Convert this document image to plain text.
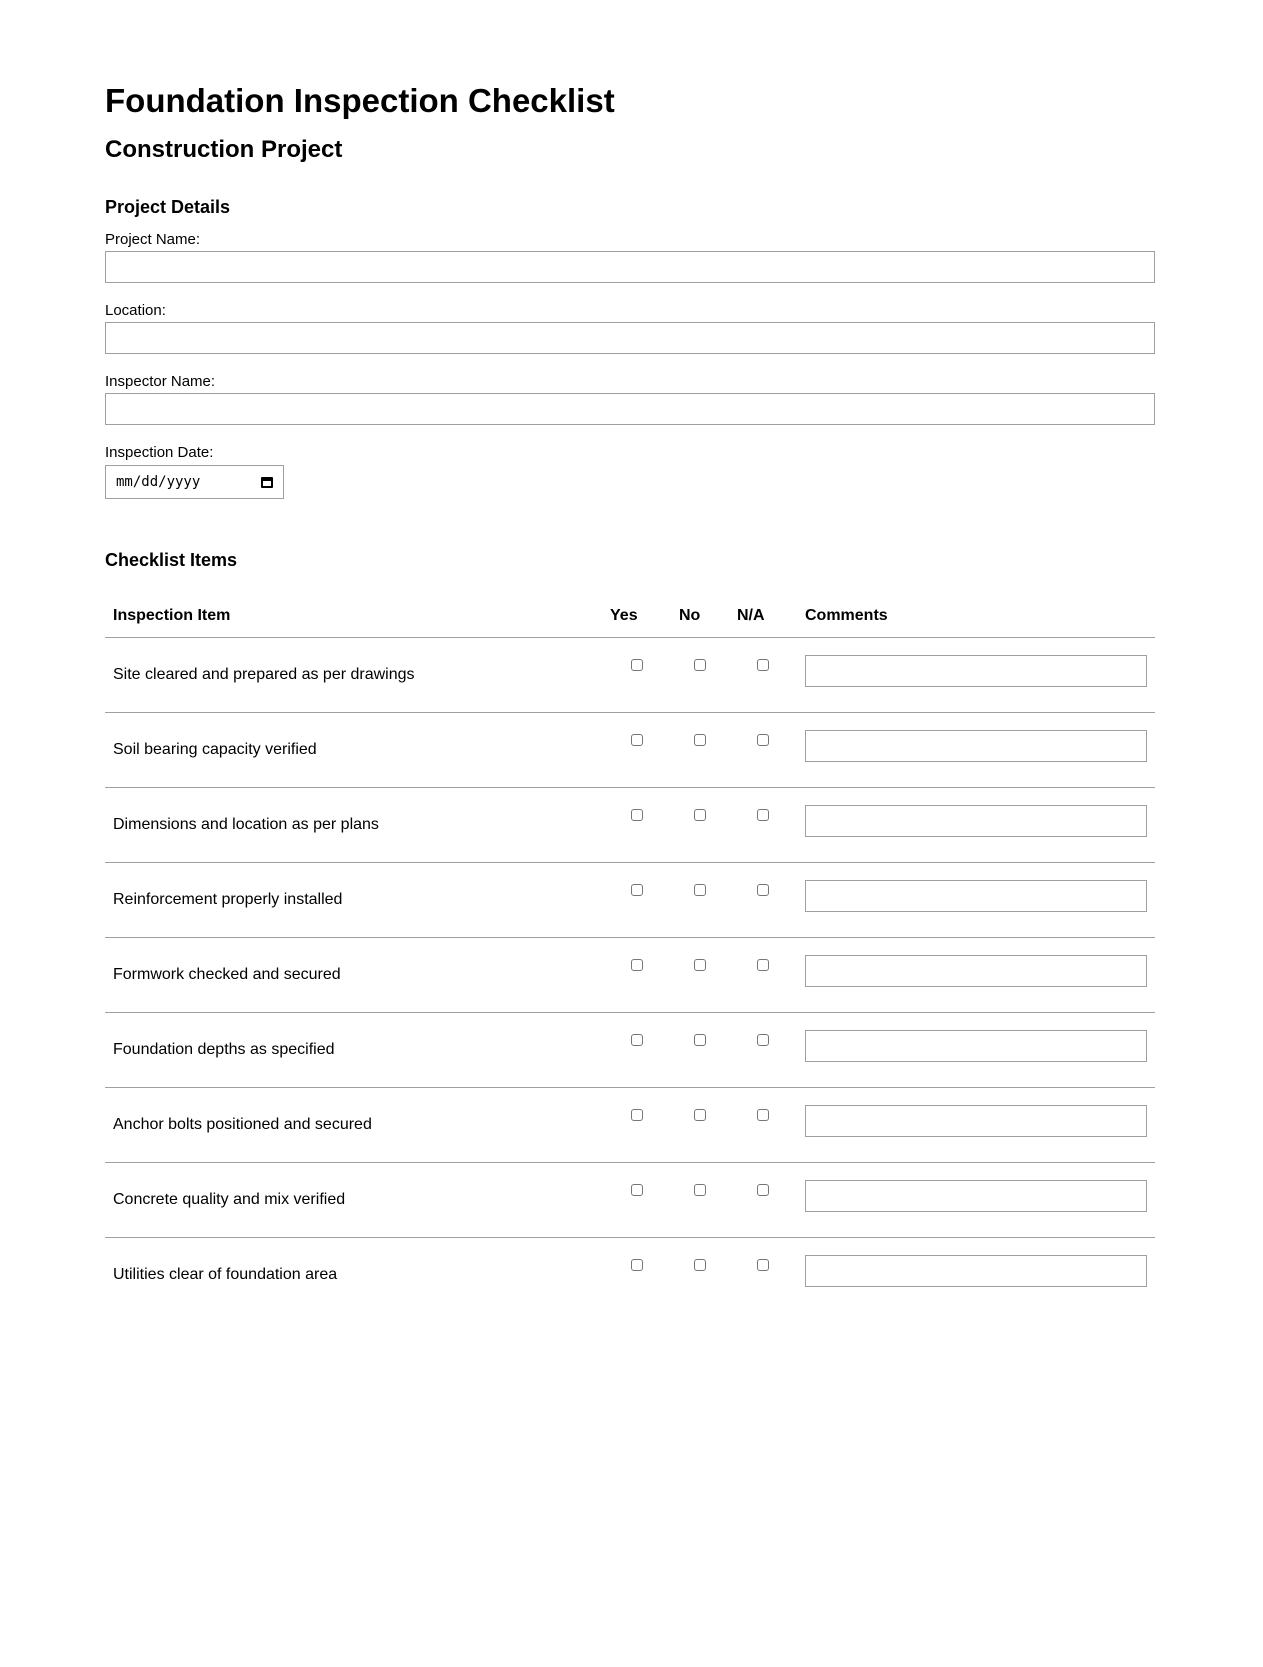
Foundation Inspection Checklist
Construction Project
Project Details
Project Name:
Location:
Inspector Name:
Inspection Date:
mm/dd/yyyy
Checklist Items
Inspection Item	Yes	No	N/A	Comments
Site cleared and prepared as per drawings				
Soil bearing capacity verified				
Dimensions and location as per plans				
Reinforcement properly installed				
Formwork checked and secured				
Foundation depths as specified				
Anchor bolts positioned and secured				
Concrete quality and mix verified				
Utilities clear of foundation area				
